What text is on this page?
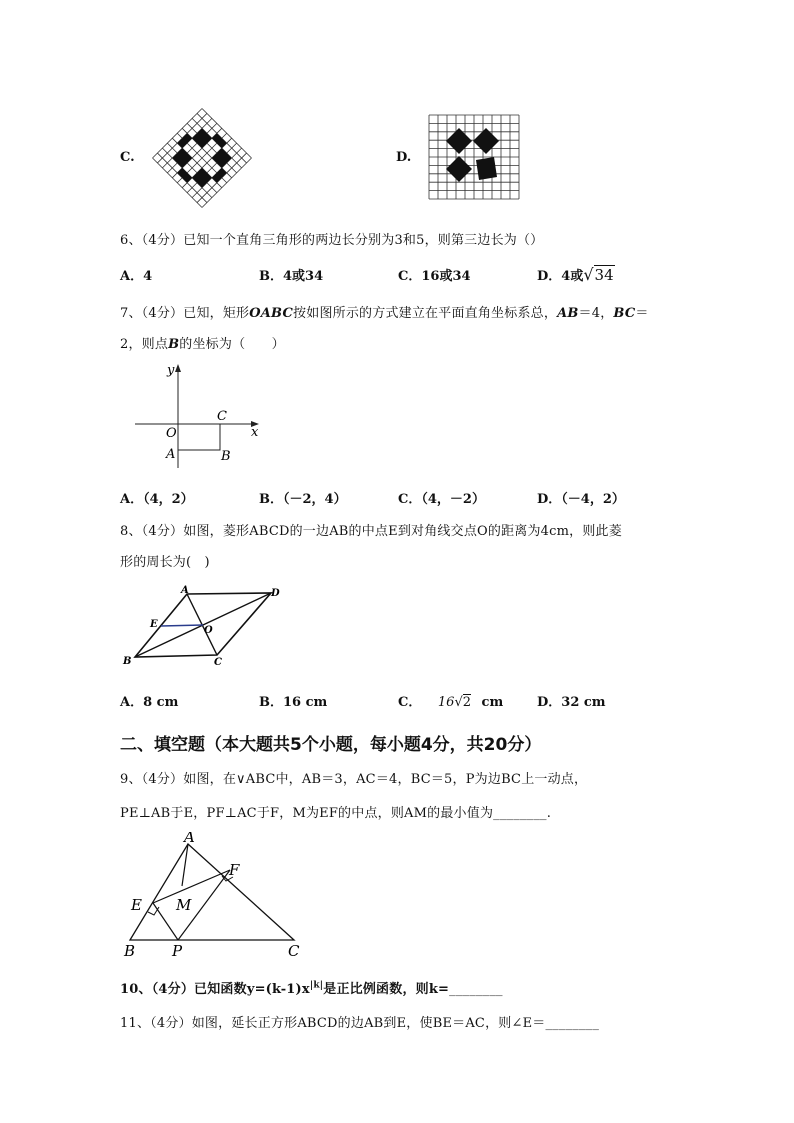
C.	D.
6、（4分）已知一个直角三角形的两边长分别为3和5，则第三边长为（）
A．4	B．4或34	C．16或34	D．4或√34
7、（4分）已知，矩形OABC按如图所示的方式建立在平面直角坐标系总，AB＝4，BC＝
2，则点B的坐标为（　　）
y
x
O
C
A	B
A．（4，2）	B．（－2，4）	C．（4，－2）	D．（－4，2）
8、（4分）如图，菱形ABCD的一边AB的中点E到对角线交点O的距离为4cm，则此菱
形的周长为(　)
A
B	C
D
E
O
A．8 cm	B．16 cm	C． 16√2 cm	D．32 cm
二、填空题（本大题共5个小题，每小题4分，共20分）
9、（4分）如图，在∨ABC中，AB＝3，AC＝4，BC＝5，P为边BC上一动点，
PE⊥AB于E，PF⊥AC于F，M为EF的中点，则AM的最小值为________.
A
B	C
E
F
M
P
10、（4分）已知函数$y=(k-1)x^{|k|}$是正比例函数，则k=________
11、（4分）如图，延长正方形ABCD的边AB到E，使BE＝AC，则∠E＝________
